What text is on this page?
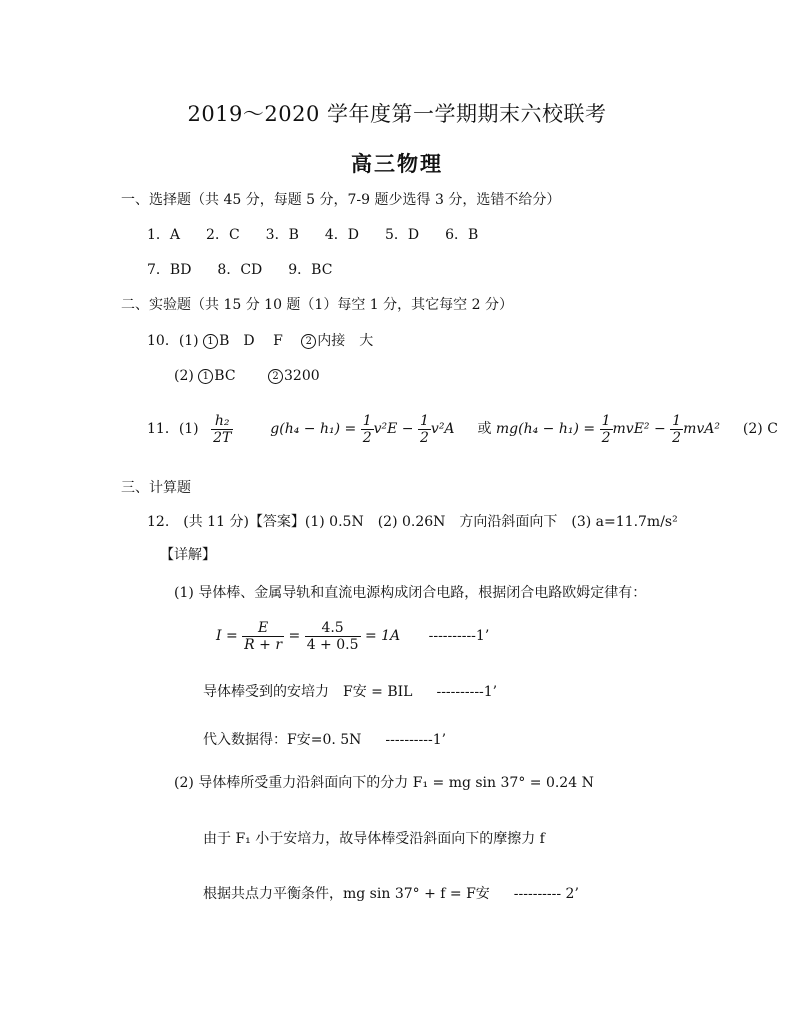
2019～2020 学年度第一学期期末六校联考
高三物理
一、选择题（共 45 分，每题 5 分，7-9 题少选得 3 分，选错不给分）
1．A 2．C 3．B 4．D 5．D 6．B
7．BD 8．CD 9．BC
二、实验题（共 15 分 10 题（1）每空 1 分，其它每空 2 分）
10．(1) 1 B　D　 F 2 内接　大
(2) 1 BC	2 3200
11．$(1) \frac{\text{h₂}}{2T}$	$g(h_4 - h_1) = \frac{1}{2} v^2E - \frac{1}{2} v^2A$ 或 $mg(h_4 - h_1) = \frac{1}{2} mvE^2 - \frac{1}{2} mvA^2$ (2) C
三、计算题
12.　(共 11 分)【答案】(1) 0.5N　(2) 0.26N　方向沿斜面向下　(3) a=11.7m/s²
【详解】
(1) 导体棒、金属导轨和直流电源构成闭合电路，根据闭合电路欧姆定律有：
$I = \frac{E}{R + r} = \frac{4.5}{4 + 0.5} = 1A$ ----------1’
导体棒受到的安培力　F安 = BIL ----------1’
代入数据得：F安=0. 5N ----------1’
(2) 导体棒所受重力沿斜面向下的分力 F₁ = mg sin 37° = 0.24 N
由于 F₁ 小于安培力，故导体棒受沿斜面向下的摩擦力 f
根据共点力平衡条件，mg sin 37° + f = F安 ---------- 2’
